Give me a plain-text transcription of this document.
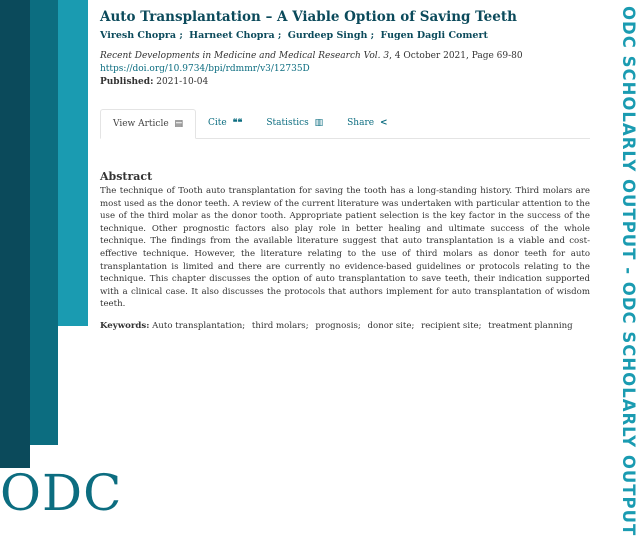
ODC	ODC SCHOLARLY OUTPUT - ODC SCHOLARLY OUTPUT
Auto Transplantation – A Viable Option of Saving Teeth
Viresh Chopra ; Harneet Chopra ; Gurdeep Singh ; Fugen Dagli Comert
Recent Developments in Medicine and Medical Research Vol. 3, 4 October 2021, Page 69-80
https://doi.org/10.9734/bpi/rdmmr/v3/12735D
Published: 2021-10-04
View Article ▤	Cite ❝❝	Statistics ▥	Share <
Abstract

The technique of Tooth auto transplantation for saving the tooth has a long-standing history. Third molars are most used as the donor teeth. A review of the current literature was undertaken with particular attention to the use of the third molar as the donor tooth. Appropriate patient selection is the key factor in the success of the technique. Other prognostic factors also play role in better healing and ultimate success of the whole technique. The findings from the available literature suggest that auto transplantation is a viable and cost-effective technique. However, the literature relating to the use of third molars as donor teeth for auto transplantation is limited and there are currently no evidence-based guidelines or protocols relating to the technique. This chapter discusses the option of auto transplantation to save teeth, their indication supported with a clinical case. It also discusses the protocols that authors implement for auto transplantation of wisdom teeth.

Keywords: Auto transplantation; third molars; prognosis; donor site; recipient site; treatment planning
